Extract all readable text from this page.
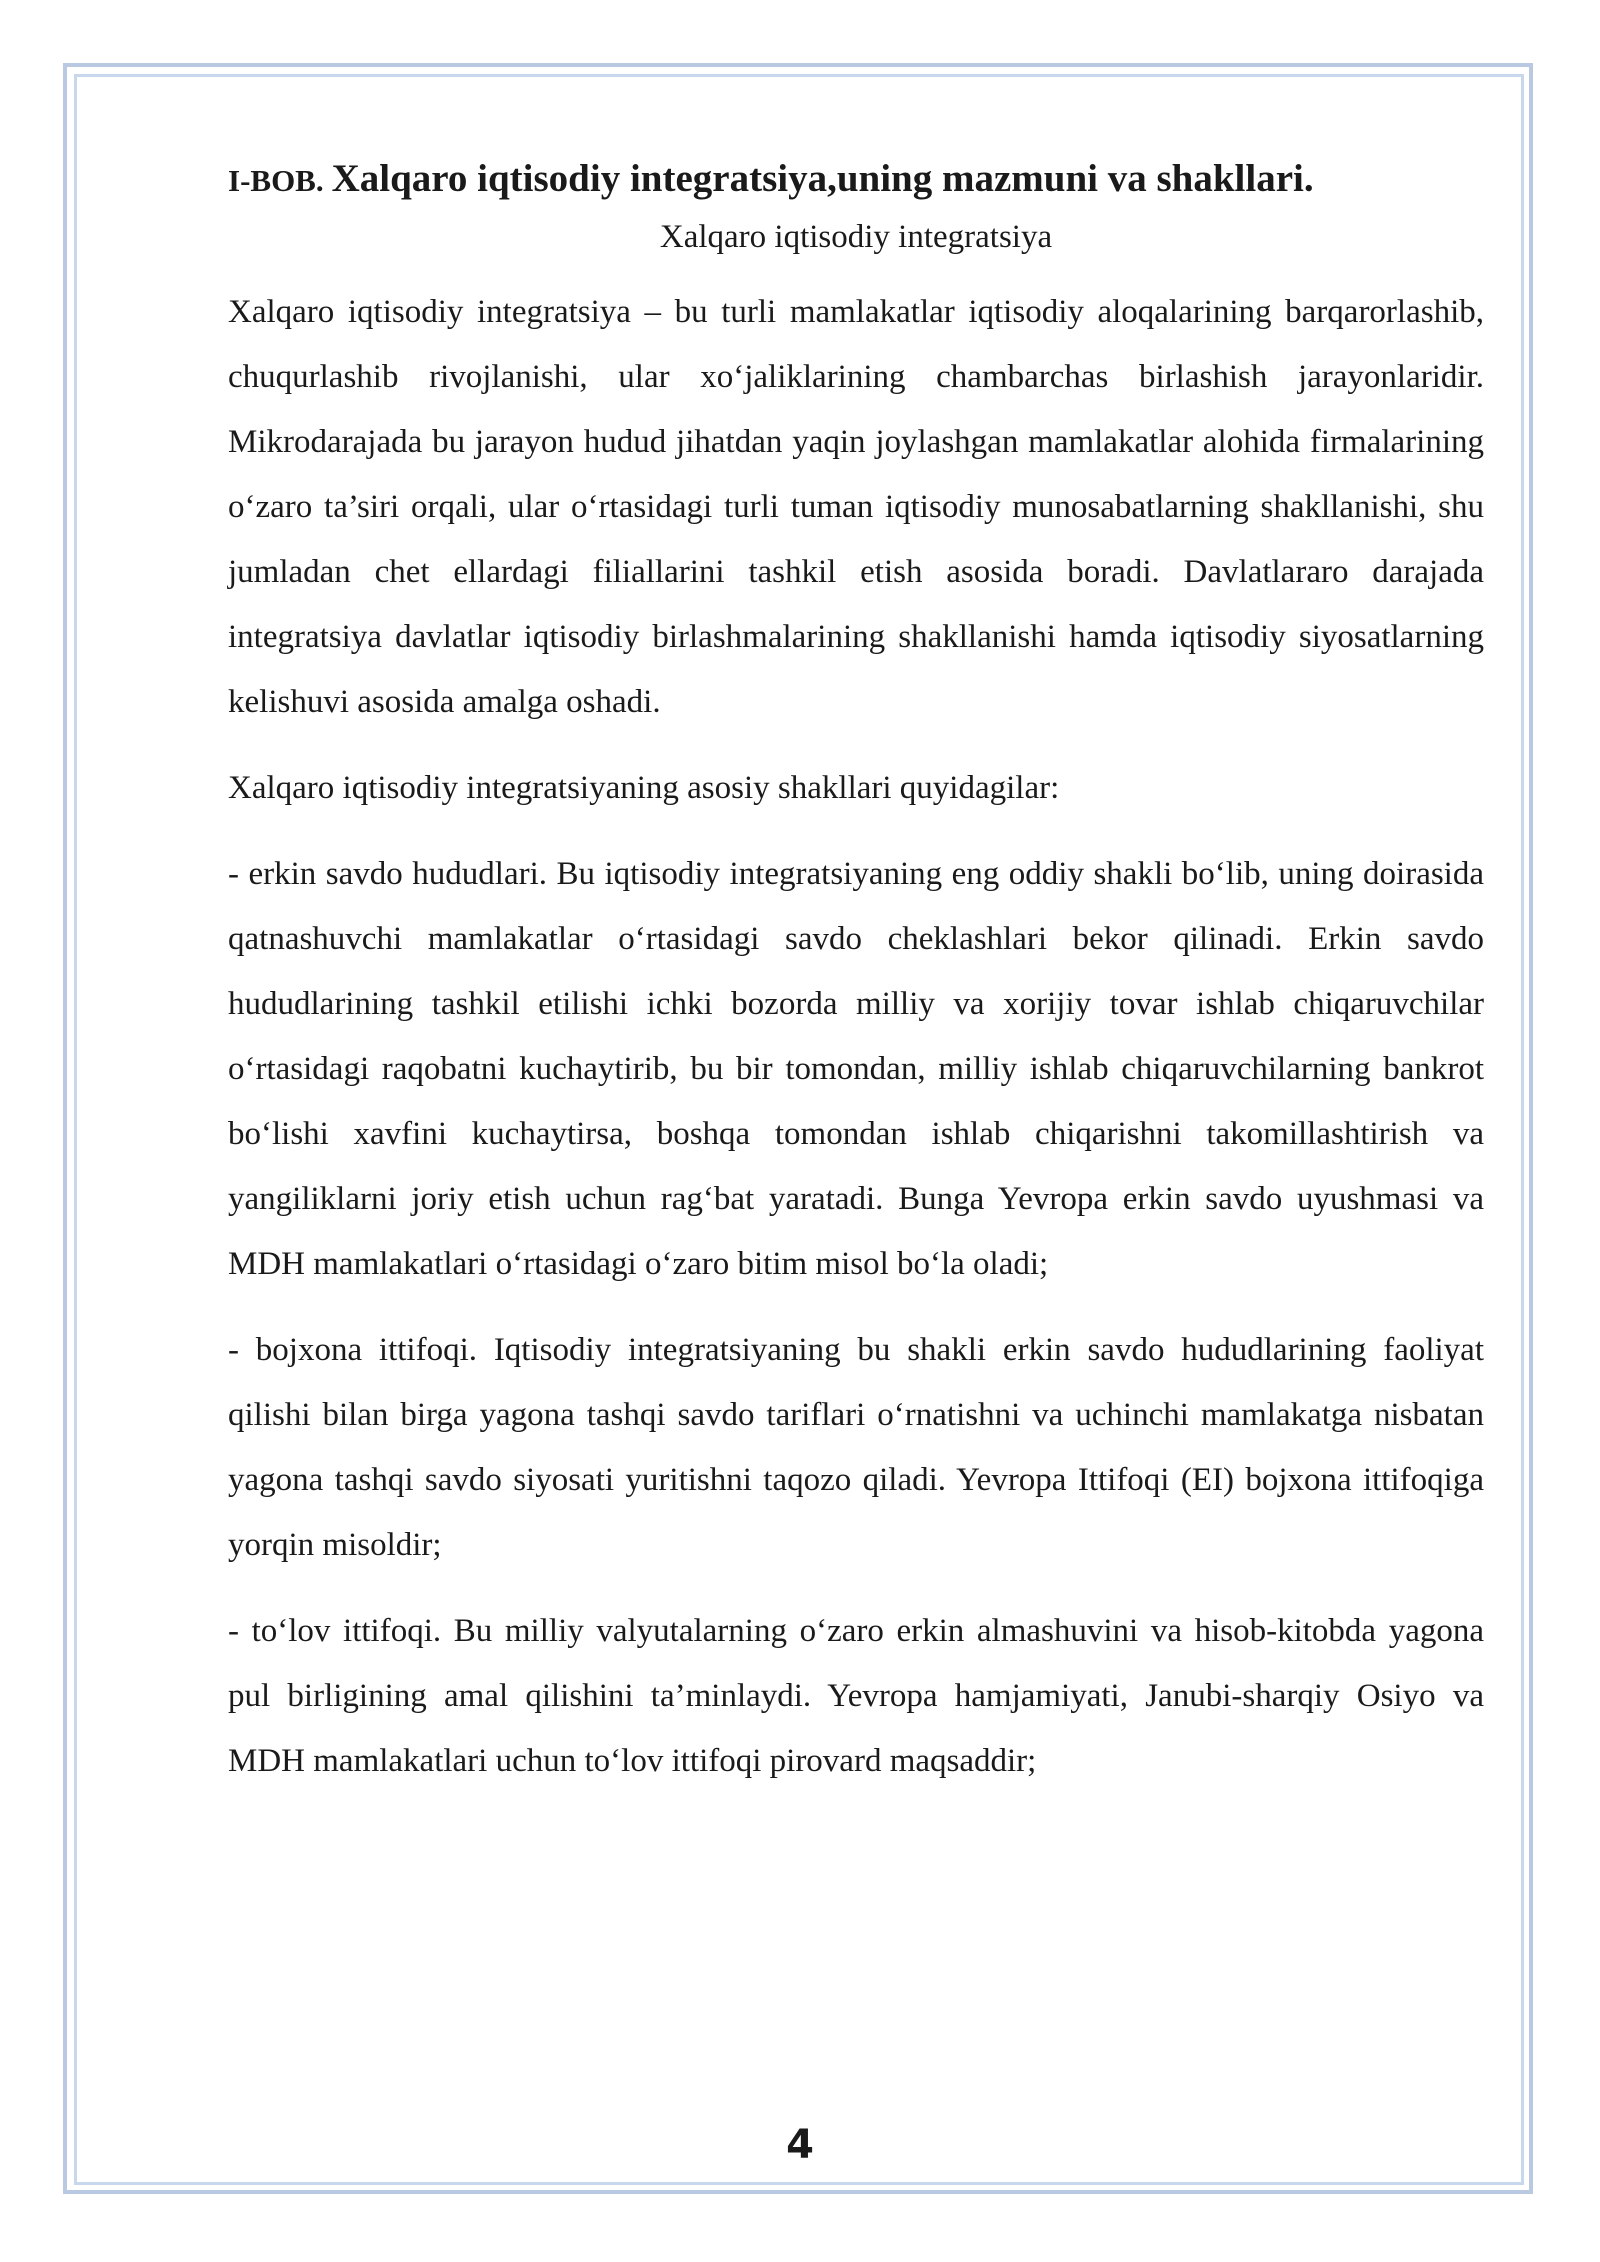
I-BOB. Xalqaro iqtisodiy integratsiya,uning mazmuni va shakllari.
Xalqaro iqtisodiy integratsiya

Xalqaro iqtisodiy integratsiya – bu turli mamlakatlar iqtisodiy aloqalarining barqarorlashib, chuqurlashib rivojlanishi, ular xo‘jaliklarining chambarchas birlashish jarayonlaridir. Mikrodarajada bu jarayon hudud jihatdan yaqin joylashgan mamlakatlar alohida firmalarining o‘zaro ta’siri orqali, ular o‘rtasidagi turli tuman iqtisodiy munosabatlarning shakllanishi, shu jumladan chet ellardagi filiallarini tashkil etish asosida boradi. Davlatlararo darajada integratsiya davlatlar iqtisodiy birlashmalarining shakllanishi hamda iqtisodiy siyosatlarning kelishuvi asosida amalga oshadi.

Xalqaro iqtisodiy integratsiyaning asosiy shakllari quyidagilar:

- erkin savdo hududlari. Bu iqtisodiy integratsiyaning eng oddiy shakli bo‘lib, uning doirasida qatnashuvchi mamlakatlar o‘rtasidagi savdo cheklashlari bekor qilinadi. Erkin savdo hududlarining tashkil etilishi ichki bozorda milliy va xorijiy tovar ishlab chiqaruvchilar o‘rtasidagi raqobatni kuchaytirib, bu bir tomondan, milliy ishlab chiqaruvchilarning bankrot bo‘lishi xavfini kuchaytirsa, boshqa tomondan ishlab chiqarishni takomillashtirish va yangiliklarni joriy etish uchun rag‘bat yaratadi. Bunga Yevropa erkin savdo uyushmasi va MDH mamlakatlari o‘rtasidagi o‘zaro bitim misol bo‘la oladi;

- bojxona ittifoqi. Iqtisodiy integratsiyaning bu shakli erkin savdo hududlarining faoliyat qilishi bilan birga yagona tashqi savdo tariflari o‘rnatishni va uchinchi mamlakatga nisbatan yagona tashqi savdo siyosati yuritishni taqozo qiladi. Yevropa Ittifoqi (EI) bojxona ittifoqiga yorqin misoldir;

- to‘lov ittifoqi. Bu milliy valyutalarning o‘zaro erkin almashuvini va hisob-kitobda yagona pul birligining amal qilishini ta’minlaydi. Yevropa hamjamiyati, Janubi-sharqiy Osiyo va MDH mamlakatlari uchun to‘lov ittifoqi pirovard maqsaddir;

4
